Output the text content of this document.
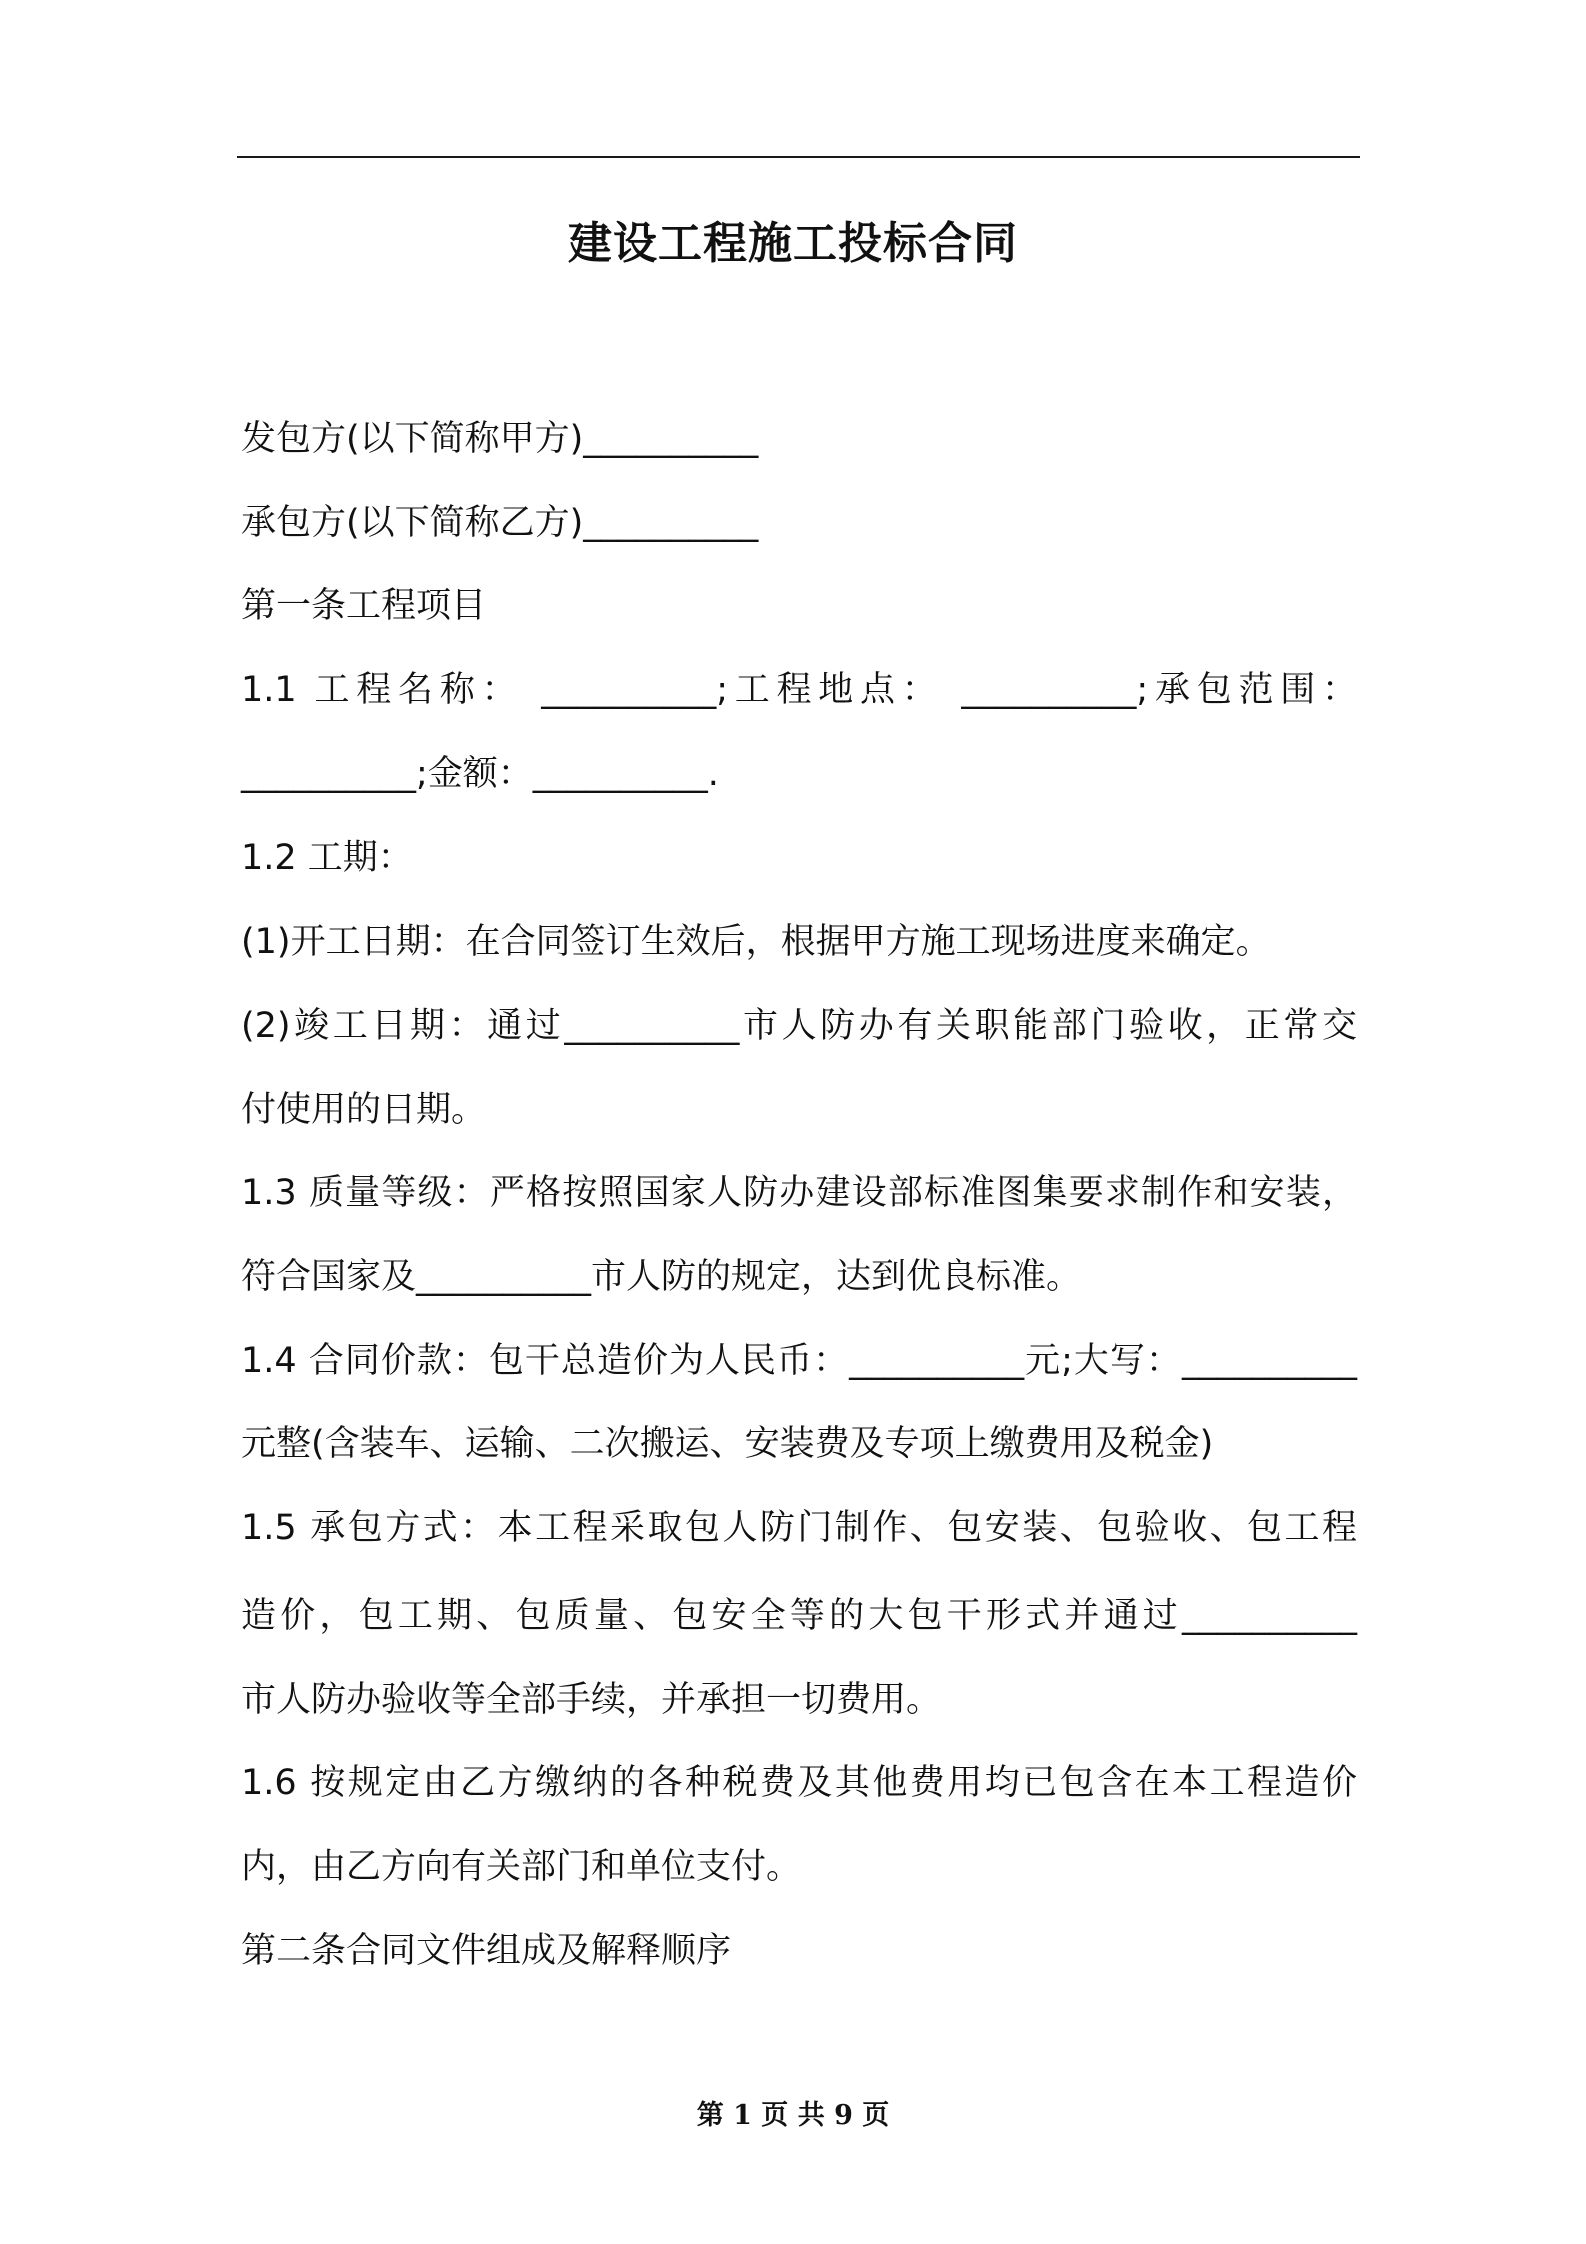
建设工程施工投标合同
发包方(以下简称甲方)__________
承包方(以下简称乙方)__________
第一条工程项目
1.1 工程名称： __________;工程地点： __________;承包范围：
__________;金额：__________.
1.2 工期：
(1)开工日期：在合同签订生效后，根据甲方施工现场进度来确定。
(2)竣工日期：通过__________市人防办有关职能部门验收，正常交
付使用的日期。
1.3 质量等级：严格按照国家人防办建设部标准图集要求制作和安装，
符合国家及__________市人防的规定，达到优良标准。
1.4 合同价款：包干总造价为人民币：__________元;大写：__________
元整(含装车、运输、二次搬运、安装费及专项上缴费用及税金)
1.5 承包方式：本工程采取包人防门制作、包安装、包验收、包工程
造价，包工期、包质量、包安全等的大包干形式并通过__________
市人防办验收等全部手续，并承担一切费用。
1.6 按规定由乙方缴纳的各种税费及其他费用均已包含在本工程造价
内，由乙方向有关部门和单位支付。
第二条合同文件组成及解释顺序
第 1 页 共 9 页
